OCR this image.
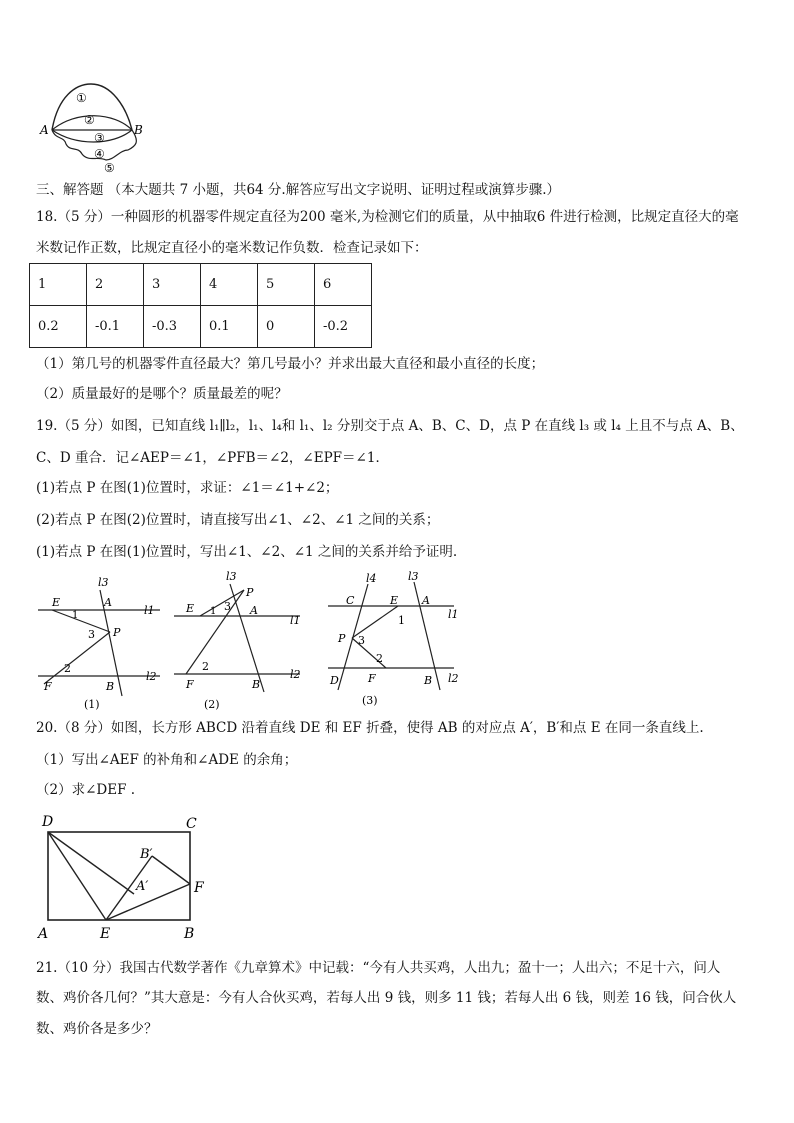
A	B
①
②
③
④
⑤
三、解答题 （本大题共 7 小题，共64 分.解答应写出文字说明、证明过程或演算步骤.）
18.（5 分）一种圆形的机器零件规定直径为200 毫米,为检测它们的质量，从中抽取6 件进行检测，比规定直径大的毫
米数记作正数，比规定直径小的毫米数记作负数．检查记录如下：
1	2	3	4	5	6
0.2	-0.1	-0.3	0.1	0	-0.2
（1）第几号的机器零件直径最大？第几号最小？并求出最大直径和最小直径的长度；
（2）质量最好的是哪个？质量最差的呢？
19.（5 分）如图，已知直线 l₁∥l₂，l₁、l₄和 l₁、l₂ 分别交于点 A、B、C、D，点 P 在直线 l₃ 或 l₄ 上且不与点 A、B、
C、D 重合．记∠AEP＝∠1，∠PFB＝∠2，∠EPF＝∠1．
(1)若点 P 在图(1)位置时，求证：∠1＝∠1+∠2；
(2)若点 P 在图(2)位置时，请直接写出∠1、∠2、∠1 之间的关系；
(1)若点 P 在图(1)位置时，写出∠1、∠2、∠1 之间的关系并给予证明.
l3
E	A
l1
3 P
1
2
l2
F	B
(1)
l3
P
E 1 3 A
l1
2
l2
F	B
(2)
l4	l3
C	E A
l1
1
P 3
2
D	F	B l2
(3)
20.（8 分）如图，长方形 ABCD 沿着直线 DE 和 EF 折叠，使得 AB 的对应点 A′，B′和点 E 在同一条直线上.
（1）写出∠AEF 的补角和∠ADE 的余角；
（2）求∠DEF .
D	C
B′
A′	F
A	E	B
21.（10 分）我国古代数学著作《九章算术》中记载：“今有人共买鸡，人出九；盈十一；人出六；不足十六，问人
数、鸡价各几何？”其大意是：今有人合伙买鸡，若每人出 9 钱，则多 11 钱；若每人出 6 钱，则差 16 钱，问合伙人
数、鸡价各是多少？
